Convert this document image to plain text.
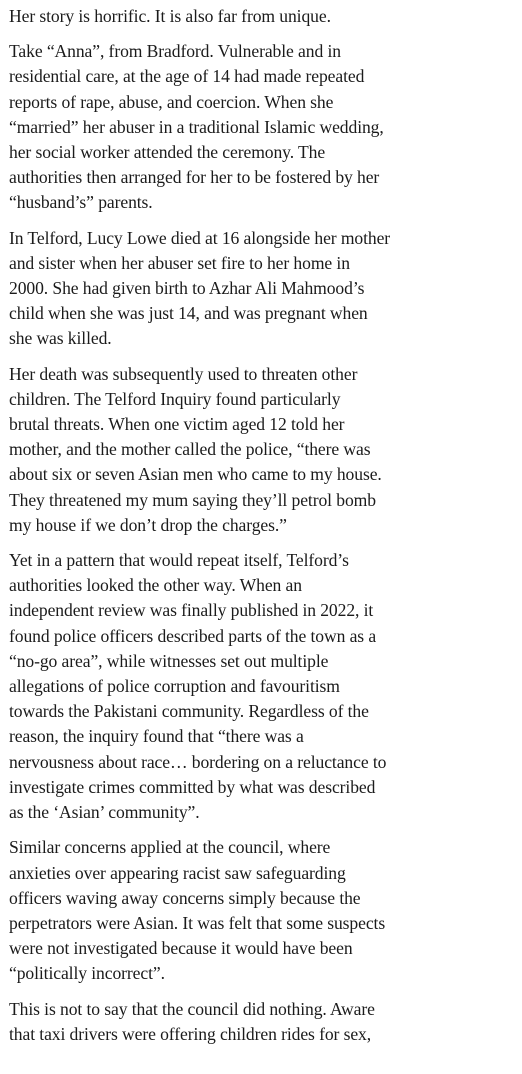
Her story is horrific. It is also far from unique.

Take “Anna”, from Bradford. Vulnerable and in
residential care, at the age of 14 had made repeated
reports of rape, abuse, and coercion. When she
“married” her abuser in a traditional Islamic wedding,
her social worker attended the ceremony. The
authorities then arranged for her to be fostered by her
“husband’s” parents.

In Telford, Lucy Lowe died at 16 alongside her mother
and sister when her abuser set fire to her home in
2000. She had given birth to Azhar Ali Mahmood’s
child when she was just 14, and was pregnant when
she was killed.

Her death was subsequently used to threaten other
children. The Telford Inquiry found particularly
brutal threats. When one victim aged 12 told her
mother, and the mother called the police, “there was
about six or seven Asian men who came to my house.
They threatened my mum saying they’ll petrol bomb
my house if we don’t drop the charges.”

Yet in a pattern that would repeat itself, Telford’s
authorities looked the other way. When an
independent review was finally published in 2022, it
found police officers described parts of the town as a
“no-go area”, while witnesses set out multiple
allegations of police corruption and favouritism
towards the Pakistani community. Regardless of the
reason, the inquiry found that “there was a
nervousness about race… bordering on a reluctance to
investigate crimes committed by what was described
as the ‘Asian’ community”.

Similar concerns applied at the council, where
anxieties over appearing racist saw safeguarding
officers waving away concerns simply because the
perpetrators were Asian. It was felt that some suspects
were not investigated because it would have been
“politically incorrect”.

This is not to say that the council did nothing. Aware
that taxi drivers were offering children rides for sex,
